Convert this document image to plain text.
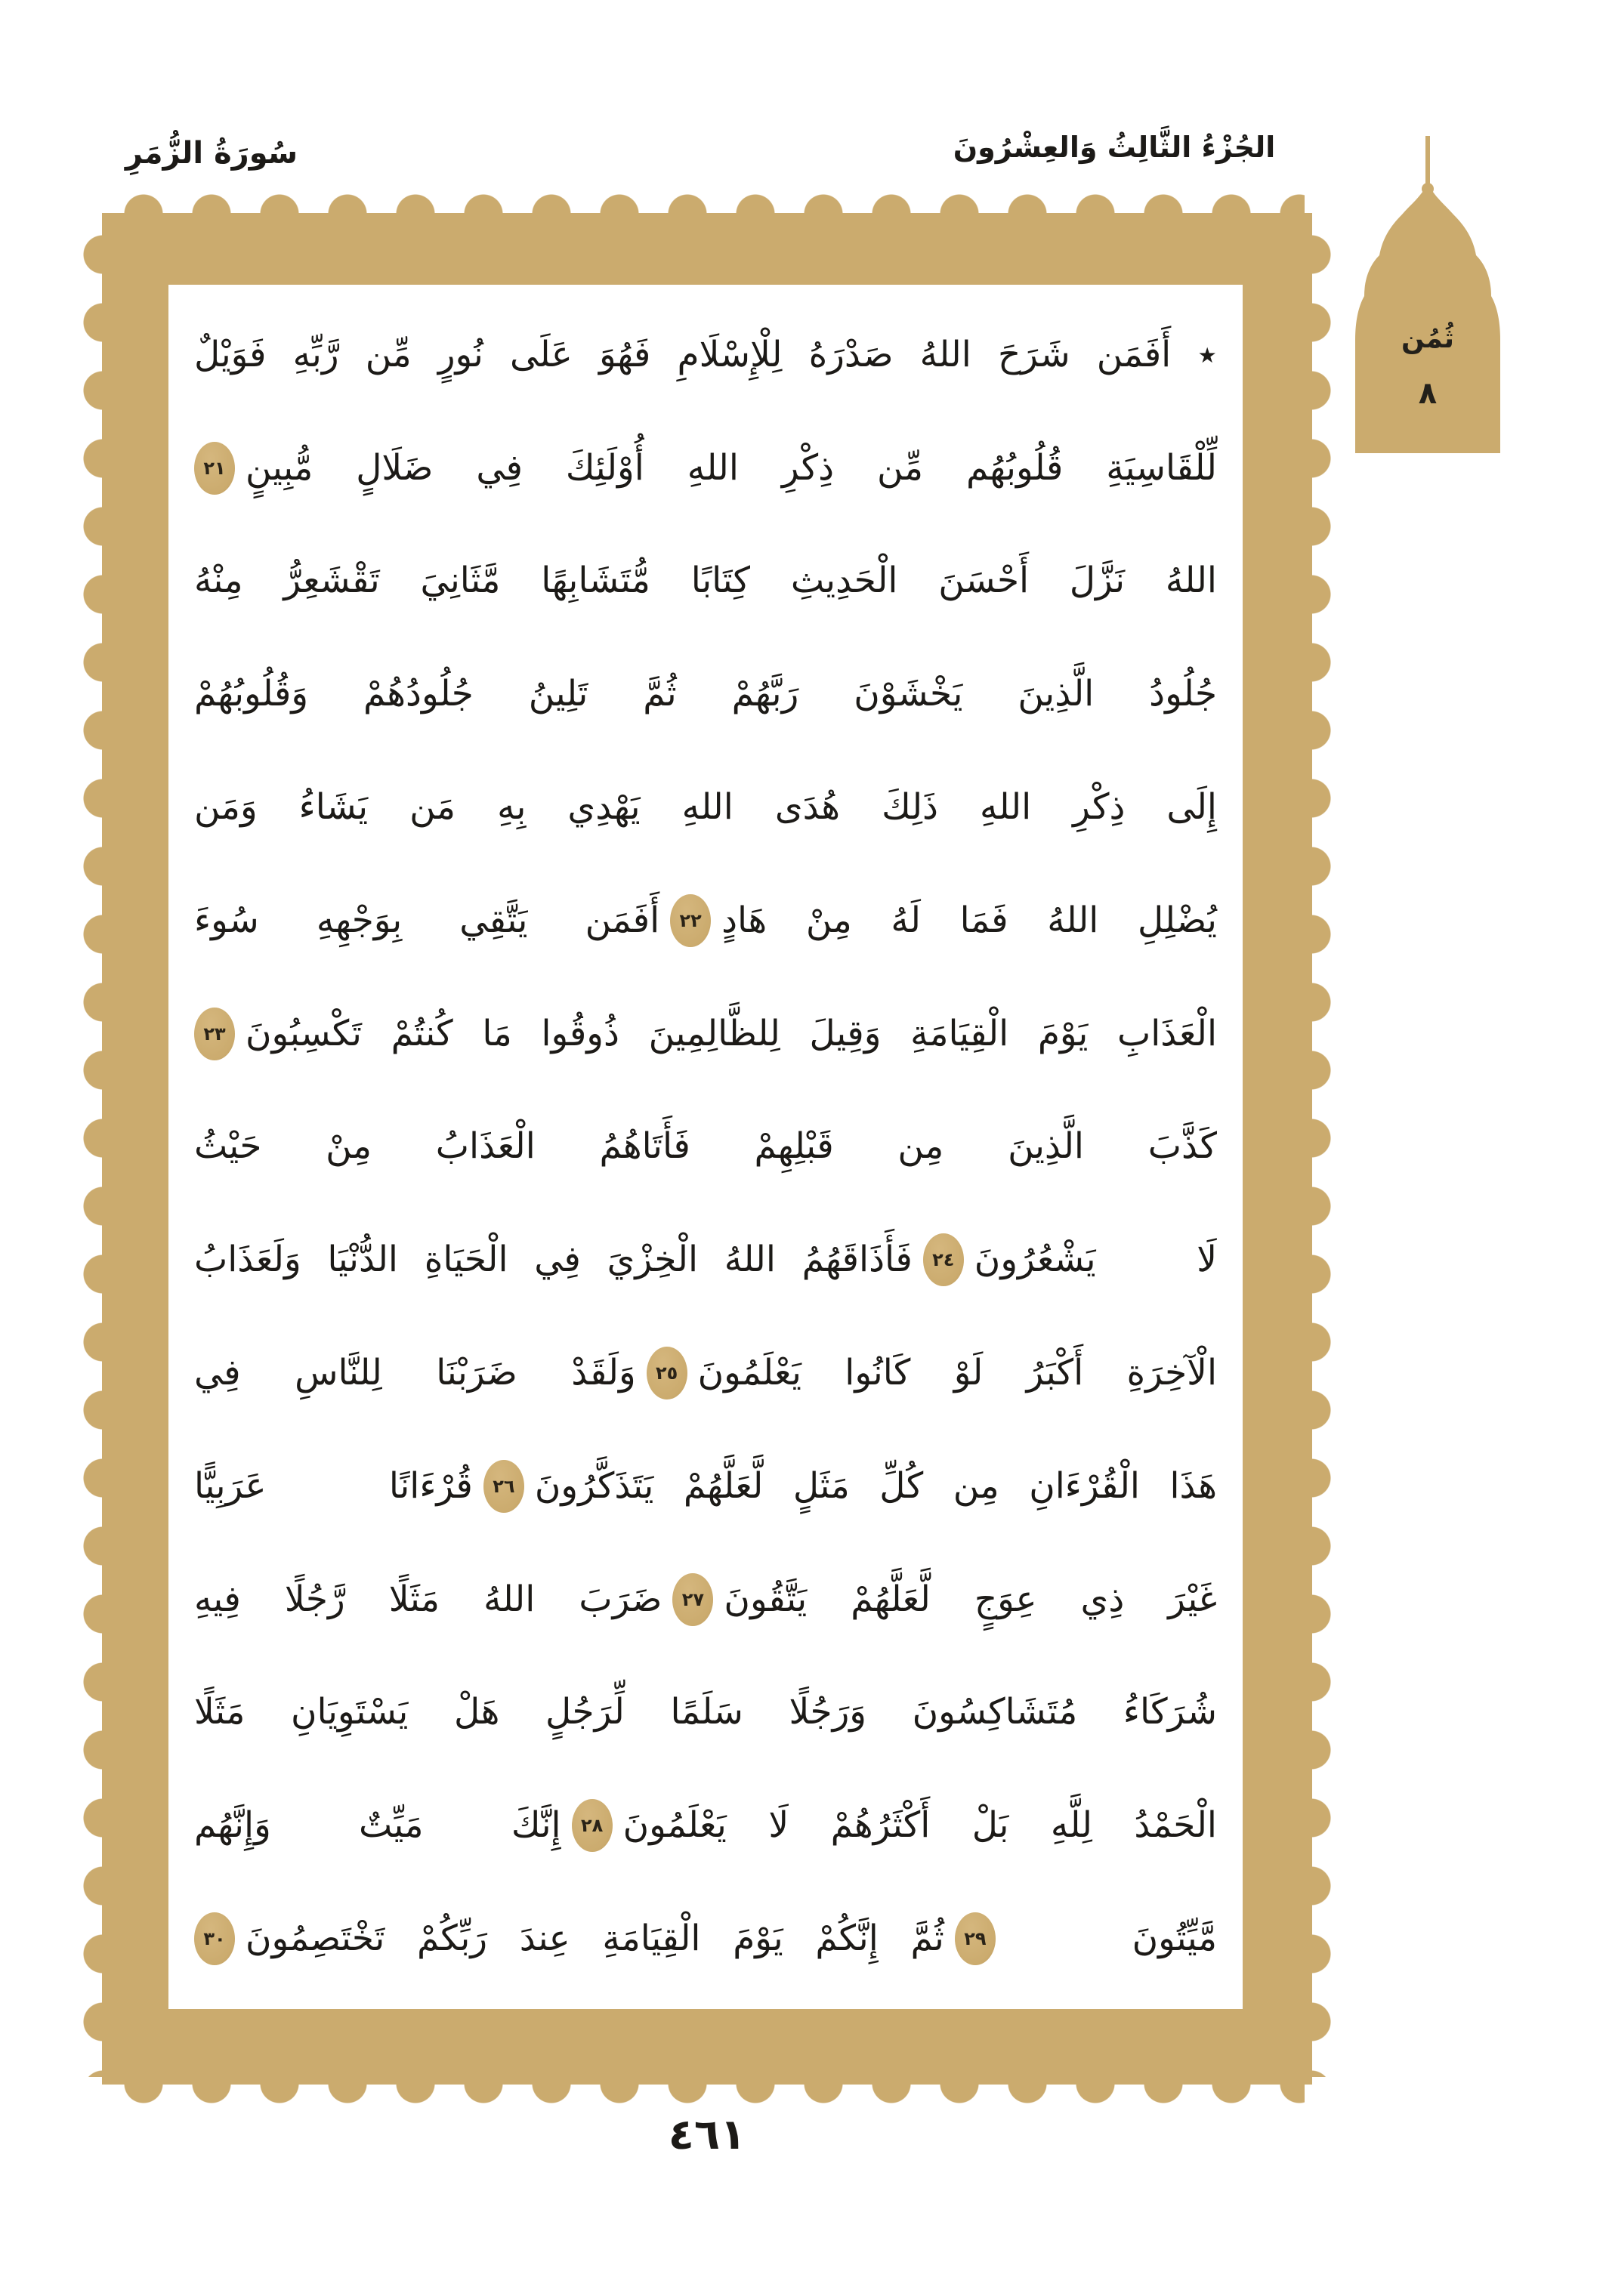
سُورَةُ الزُّمَرِ	الجُزْءُ الثَّالِثُ وَالعِشْرُونَ
ثُمُن
٨
٭ أَفَمَن شَرَحَ اللهُ صَدْرَهُ لِلْإِسْلَامِ فَهُوَ عَلَى نُورٍ مِّن رَّبِّهِ فَوَيْلٌ
لِّلْقَاسِيَةِ قُلُوبُهُم مِّن ذِكْرِ اللهِ أُوْلَئِكَ فِي ضَلَالٍ مُّبِينٍ
٢١
اللهُ نَزَّلَ أَحْسَنَ الْحَدِيثِ كِتَابًا مُّتَشَابِهًا مَّثَانِيَ تَقْشَعِرُّ مِنْهُ
جُلُودُ الَّذِينَ يَخْشَوْنَ رَبَّهُمْ ثُمَّ تَلِينُ جُلُودُهُمْ وَقُلُوبُهُمْ
إِلَى ذِكْرِ اللهِ ذَلِكَ هُدَى اللهِ يَهْدِي بِهِ مَن يَشَاءُ وَمَن
يُضْلِلِ اللهُ فَمَا لَهُ مِنْ هَادٍ
٢٢
أَفَمَن يَتَّقِي بِوَجْهِهِ سُوءَ
الْعَذَابِ يَوْمَ الْقِيَامَةِ وَقِيلَ لِلظَّالِمِينَ ذُوقُوا مَا كُنتُمْ تَكْسِبُونَ
٢٣
كَذَّبَ الَّذِينَ مِن قَبْلِهِمْ فَأَتَاهُمُ الْعَذَابُ مِنْ حَيْثُ
لَا يَشْعُرُونَ
٢٤
فَأَذَاقَهُمُ اللهُ الْخِزْيَ فِي الْحَيَاةِ الدُّنْيَا وَلَعَذَابُ
الْآخِرَةِ أَكْبَرُ لَوْ كَانُوا يَعْلَمُونَ
٢٥
وَلَقَدْ ضَرَبْنَا لِلنَّاسِ فِي
هَذَا الْقُرْءَانِ مِن كُلِّ مَثَلٍ لَّعَلَّهُمْ يَتَذَكَّرُونَ
٢٦
قُرْءَانًا عَرَبِيًّا
غَيْرَ ذِي عِوَجٍ لَّعَلَّهُمْ يَتَّقُونَ
٢٧
ضَرَبَ اللهُ مَثَلًا رَّجُلًا فِيهِ
شُرَكَاءُ مُتَشَاكِسُونَ وَرَجُلًا سَلَمًا لِّرَجُلٍ هَلْ يَسْتَوِيَانِ مَثَلًا
الْحَمْدُ لِلَّهِ بَلْ أَكْثَرُهُمْ لَا يَعْلَمُونَ
٢٨
إِنَّكَ مَيِّتٌ وَإِنَّهُم
مَّيِّتُونَ
٢٩
ثُمَّ إِنَّكُمْ يَوْمَ الْقِيَامَةِ عِندَ رَبِّكُمْ تَخْتَصِمُونَ
٣٠
٤٦١
